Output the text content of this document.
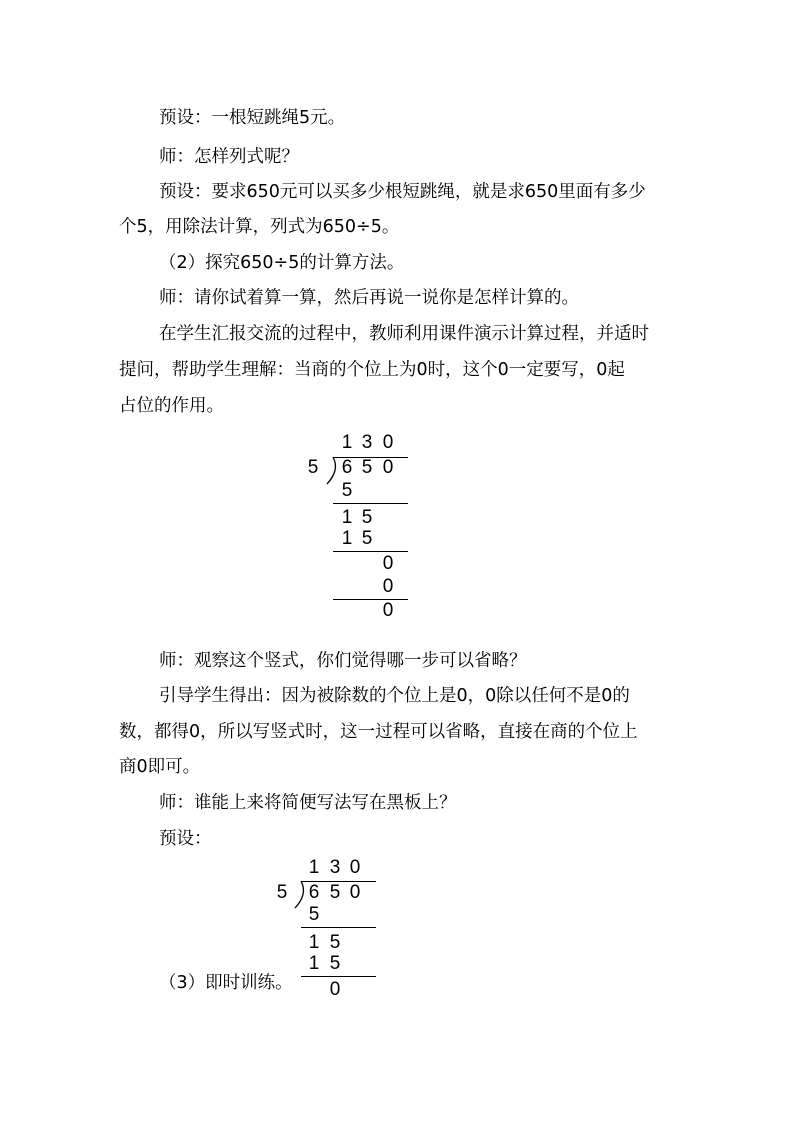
预设：一根短跳绳5元。
师：怎样列式呢？
预设：要求650元可以买多少根短跳绳，就是求650里面有多少
个5，用除法计算，列式为650÷5。
（2）探究650÷5的计算方法。
师：请你试着算一算，然后再说一说你是怎样计算的。
在学生汇报交流的过程中，教师利用课件演示计算过程，并适时
提问，帮助学生理解：当商的个位上为0时，这个0一定要写，0起
占位的作用。
1 3 0
5 6 5 0
5
1 5
1 5
0
0
0
师：观察这个竖式，你们觉得哪一步可以省略？
引导学生得出：因为被除数的个位上是0，0除以任何不是0的
数，都得0，所以写竖式时，这一过程可以省略，直接在商的个位上
商0即可。
师：谁能上来将简便写法写在黑板上？
预设：
1 3 0
5 6 5 0
5
1 5
1 5
0
（3）即时训练。
